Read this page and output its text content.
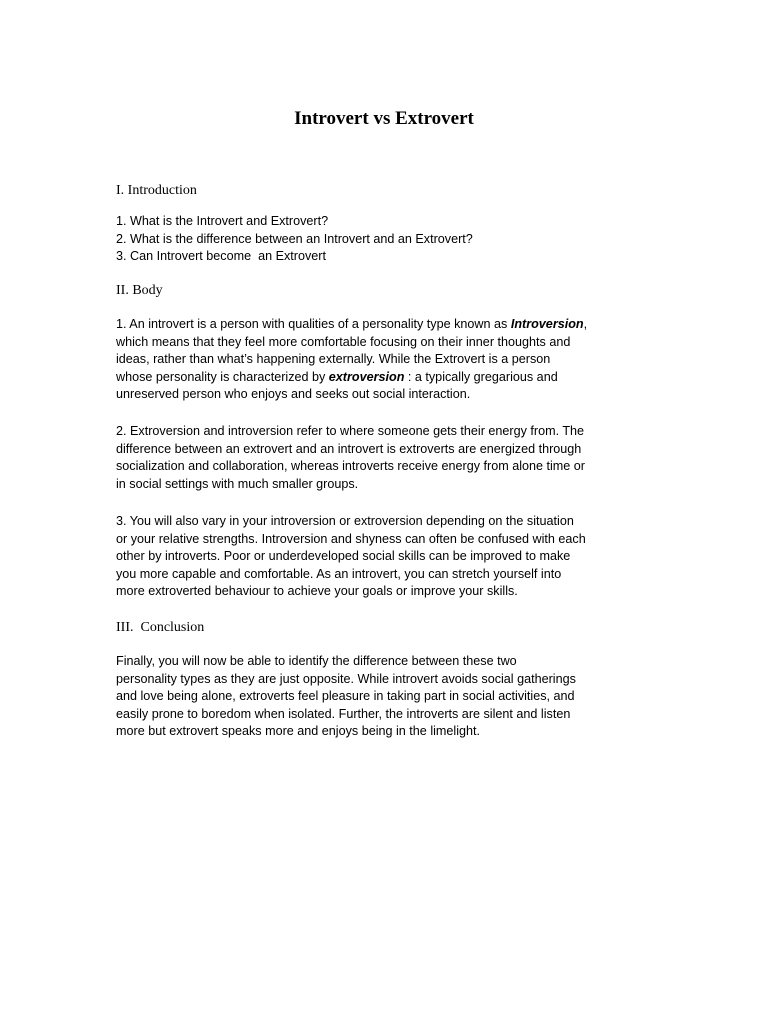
Introvert vs Extrovert
I. Introduction
1. What is the Introvert and Extrovert?
2. What is the difference between an Introvert and an Extrovert?
3. Can Introvert become  an Extrovert
II. Body
1. An introvert is a person with qualities of a personality type known as Introversion,
which means that they feel more comfortable focusing on their inner thoughts and
ideas, rather than what’s happening externally. While the Extrovert is a person
whose personality is characterized by extroversion : a typically gregarious and
unreserved person who enjoys and seeks out social interaction.
2. Extroversion and introversion refer to where someone gets their energy from. The
difference between an extrovert and an introvert is extroverts are energized through
socialization and collaboration, whereas introverts receive energy from alone time or
in social settings with much smaller groups.
3. You will also vary in your introversion or extroversion depending on the situation
or your relative strengths. Introversion and shyness can often be confused with each
other by introverts. Poor or underdeveloped social skills can be improved to make
you more capable and comfortable. As an introvert, you can stretch yourself into
more extroverted behaviour to achieve your goals or improve your skills.
III.  Conclusion
Finally, you will now be able to identify the difference between these two
personality types as they are just opposite. While introvert avoids social gatherings
and love being alone, extroverts feel pleasure in taking part in social activities, and
easily prone to boredom when isolated. Further, the introverts are silent and listen
more but extrovert speaks more and enjoys being in the limelight.
